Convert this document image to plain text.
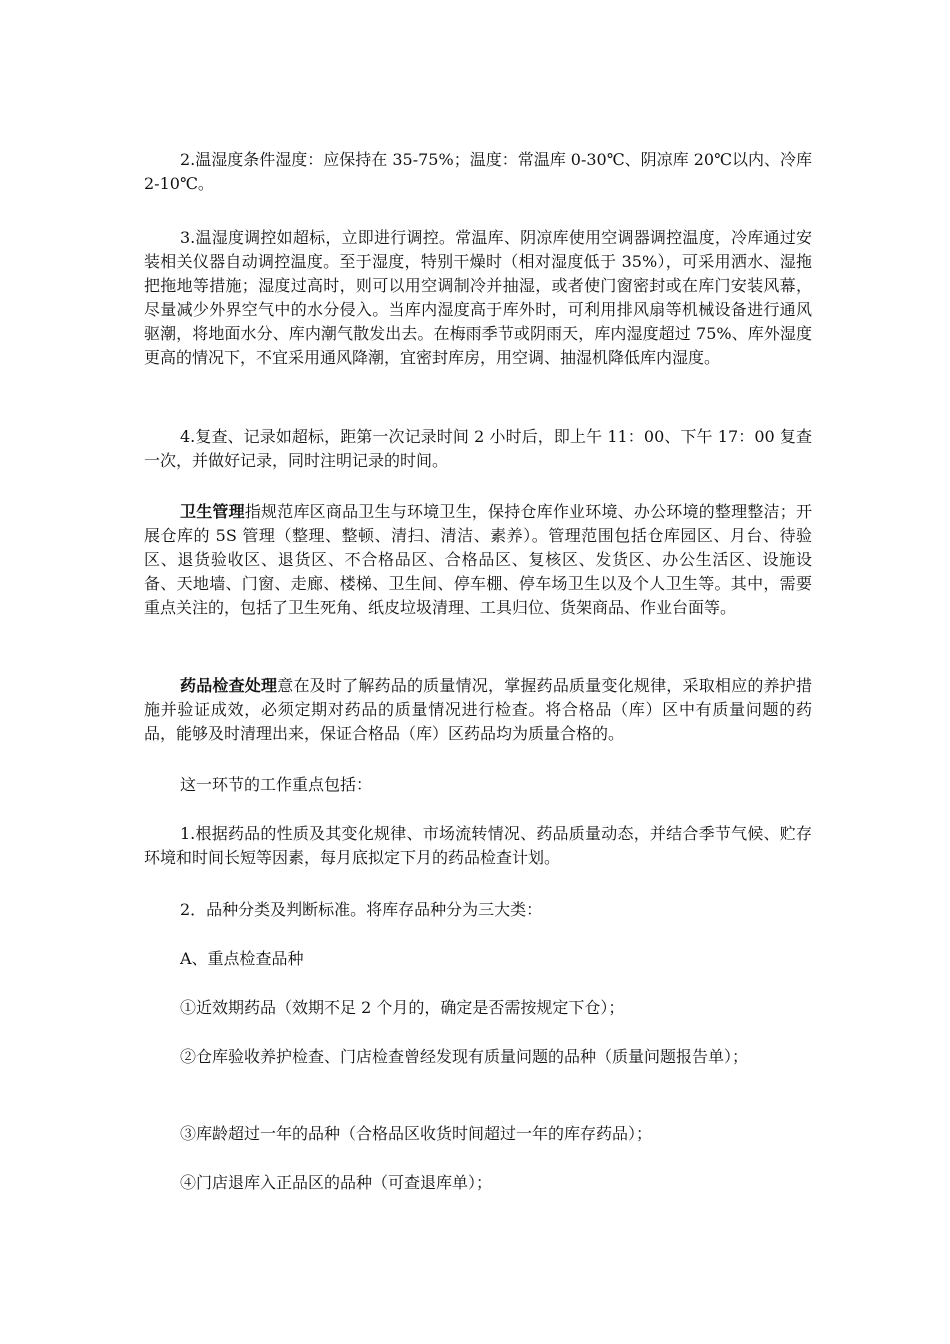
2.温湿度条件湿度：应保持在 35-75%；温度：常温库 0-30℃、阴凉库 20℃以内、冷库 2-10℃。

3.温湿度调控如超标，立即进行调控。常温库、阴凉库使用空调器调控温度，冷库通过安装相关仪器自动调控温度。至于湿度，特别干燥时（相对湿度低于 35%），可采用洒水、湿拖把拖地等措施；湿度过高时，则可以用空调制冷并抽湿，或者使门窗密封或在库门安装风幕，尽量减少外界空气中的水分侵入。当库内湿度高于库外时，可利用排风扇等机械设备进行通风驱潮，将地面水分、库内潮气散发出去。在梅雨季节或阴雨天，库内湿度超过 75%、库外湿度更高的情况下，不宜采用通风降潮，宜密封库房，用空调、抽湿机降低库内湿度。

4.复查、记录如超标，距第一次记录时间 2 小时后，即上午 11：00、下午 17：00 复查一次，并做好记录，同时注明记录的时间。

卫生管理指规范库区商品卫生与环境卫生，保持仓库作业环境、办公环境的整理整洁；开展仓库的 5S 管理（整理、整顿、清扫、清洁、素养）。管理范围包括仓库园区、月台、待验区、退货验收区、退货区、不合格品区、合格品区、复核区、发货区、办公生活区、设施设备、天地墙、门窗、走廊、楼梯、卫生间、停车棚、停车场卫生以及个人卫生等。其中，需要重点关注的，包括了卫生死角、纸皮垃圾清理、工具归位、货架商品、作业台面等。

药品检查处理意在及时了解药品的质量情况，掌握药品质量变化规律，采取相应的养护措施并验证成效，必须定期对药品的质量情况进行检查。将合格品（库）区中有质量问题的药品，能够及时清理出来，保证合格品（库）区药品均为质量合格的。

这一环节的工作重点包括：

1.根据药品的性质及其变化规律、市场流转情况、药品质量动态，并结合季节气候、贮存环境和时间长短等因素，每月底拟定下月的药品检查计划。

2．品种分类及判断标准。将库存品种分为三大类：

A、重点检查品种

①近效期药品（效期不足 2 个月的，确定是否需按规定下仓）；

②仓库验收养护检查、门店检查曾经发现有质量问题的品种（质量问题报告单）；

③库龄超过一年的品种（合格品区收货时间超过一年的库存药品）；

④门店退库入正品区的品种（可查退库单）；
